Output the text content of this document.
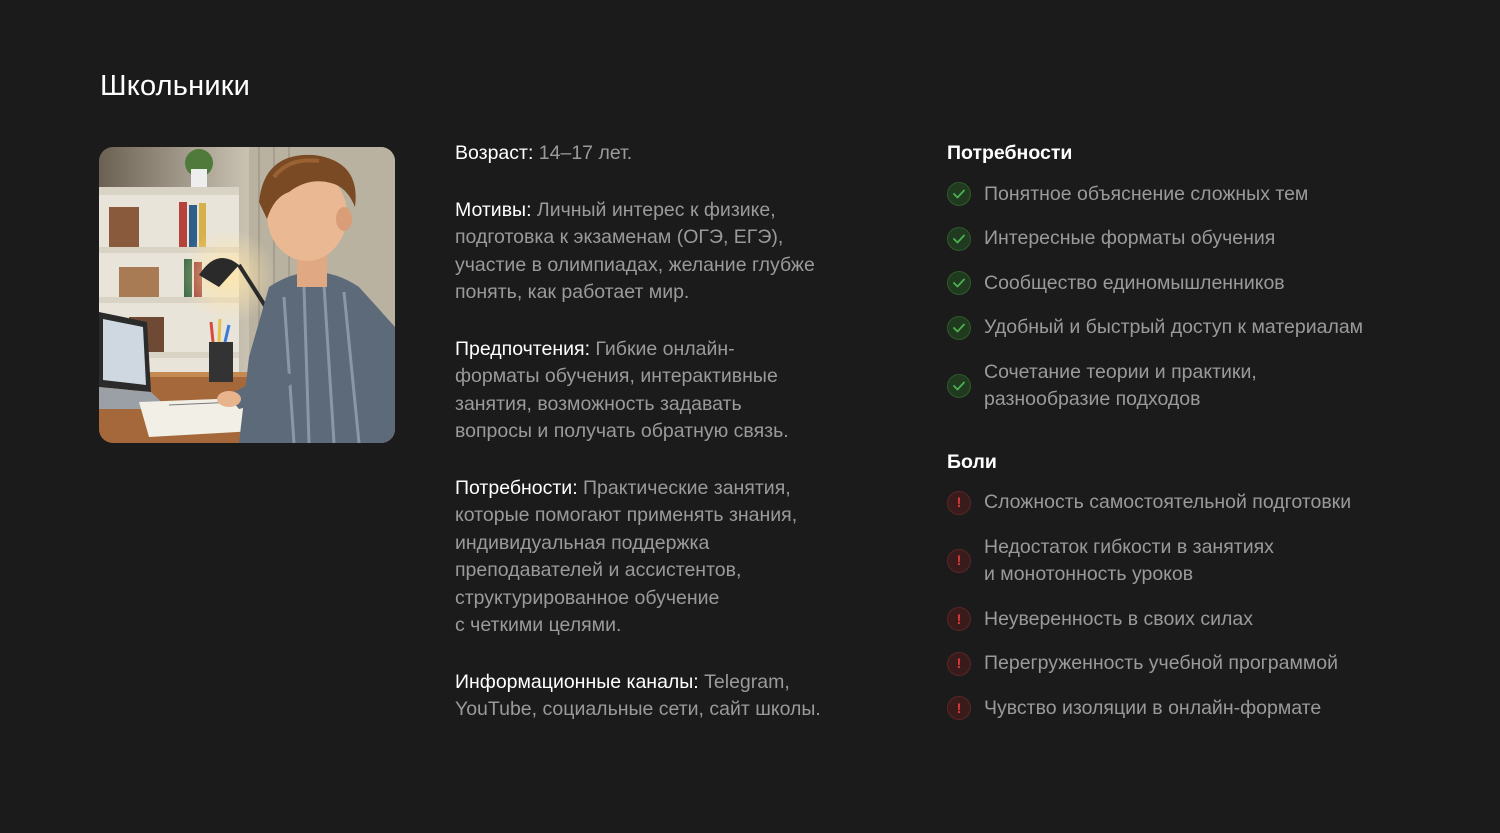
Школьники

Возраст: 14–17 лет.

Мотивы: Личный интерес к физике,
подготовка к экзаменам (ОГЭ, ЕГЭ),
участие в олимпиадах, желание глубже
понять, как работает мир.

Предпочтения: Гибкие онлайн-
форматы обучения, интерактивные
занятия, возможность задавать
вопросы и получать обратную связь.

Потребности: Практические занятия,
которые помогают применять знания,
индивидуальная поддержка
преподавателей и ассистентов,
структурированное обучение
с четкими целями.

Информационные каналы: Telegram,
YouTube, социальные сети, сайт школы.

Потребности
Понятное объяснение сложных тем
Интересные форматы обучения
Сообщество единомышленников
Удобный и быстрый доступ к материалам
Сочетание теории и практики,
разнообразие подходов
Боли
!	Сложность самостоятельной подготовки
!
Недостаток гибкости в занятиях
и монотонность уроков
!	Неуверенность в своих силах
!	Перегруженность учебной программой
!	Чувство изоляции в онлайн-формате
